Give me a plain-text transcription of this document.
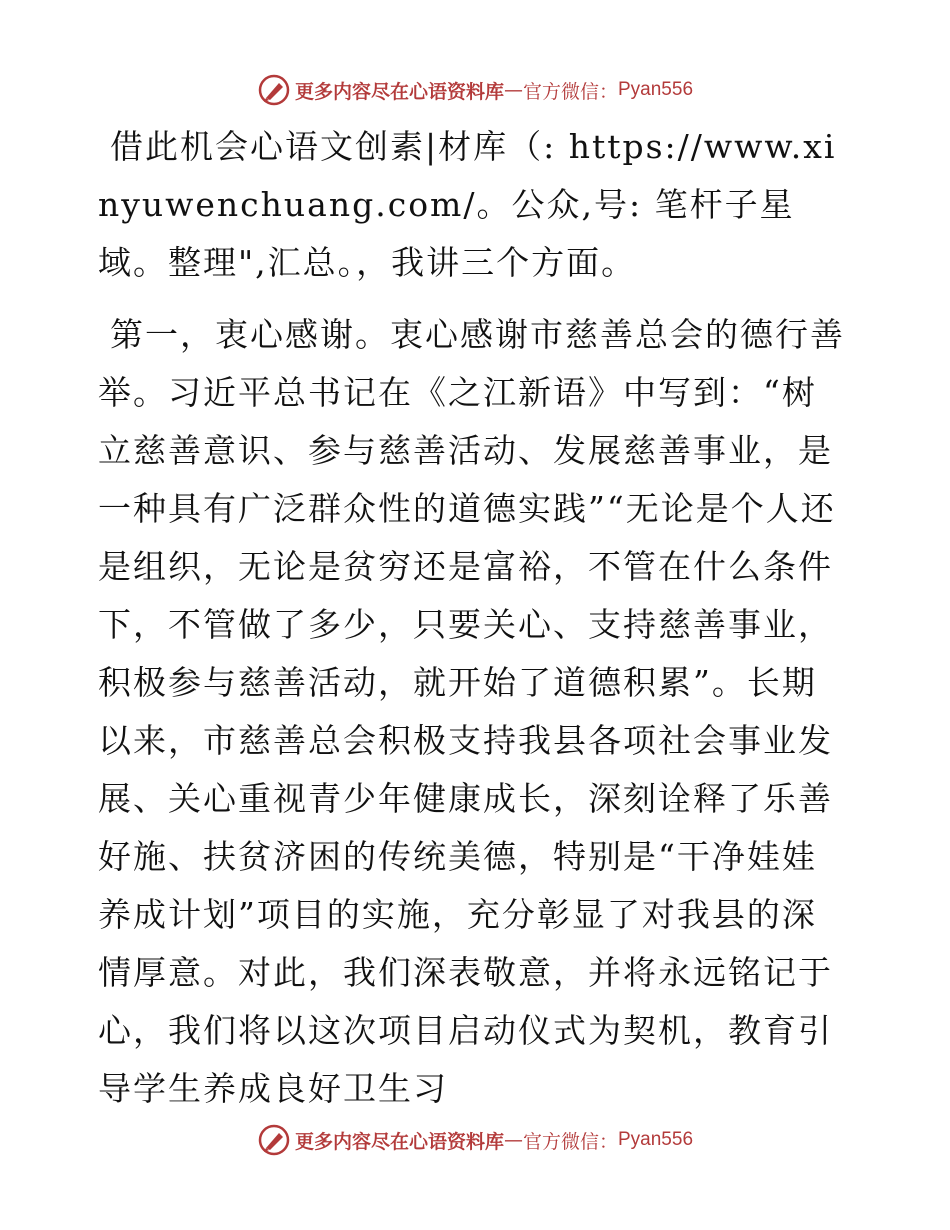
更多内容尽在心语资料库 — 官方微信： Pyan556

借此机会心语文创素|材库（: https://www.xinyuwenchuang.com/。公众,号: 笔杆子星域。整理",汇总。，我讲三个方面。

第一，衷心感谢。衷心感谢市慈善总会的德行善举。习近平总书记在《之江新语》中写到：“树立慈善意识、参与慈善活动、发展慈善事业，是一种具有广泛群众性的道德实践”“无论是个人还是组织，无论是贫穷还是富裕，不管在什么条件下，不管做了多少，只要关心、支持慈善事业，积极参与慈善活动，就开始了道德积累”。长期以来，市慈善总会积极支持我县各项社会事业发展、关心重视青少年健康成长，深刻诠释了乐善好施、扶贫济困的传统美德，特别是“干净娃娃养成计划”项目的实施，充分彰显了对我县的深情厚意。对此，我们深表敬意，并将永远铭记于心，我们将以这次项目启动仪式为契机，教育引导学生养成良好卫生习

更多内容尽在心语资料库 — 官方微信： Pyan556
